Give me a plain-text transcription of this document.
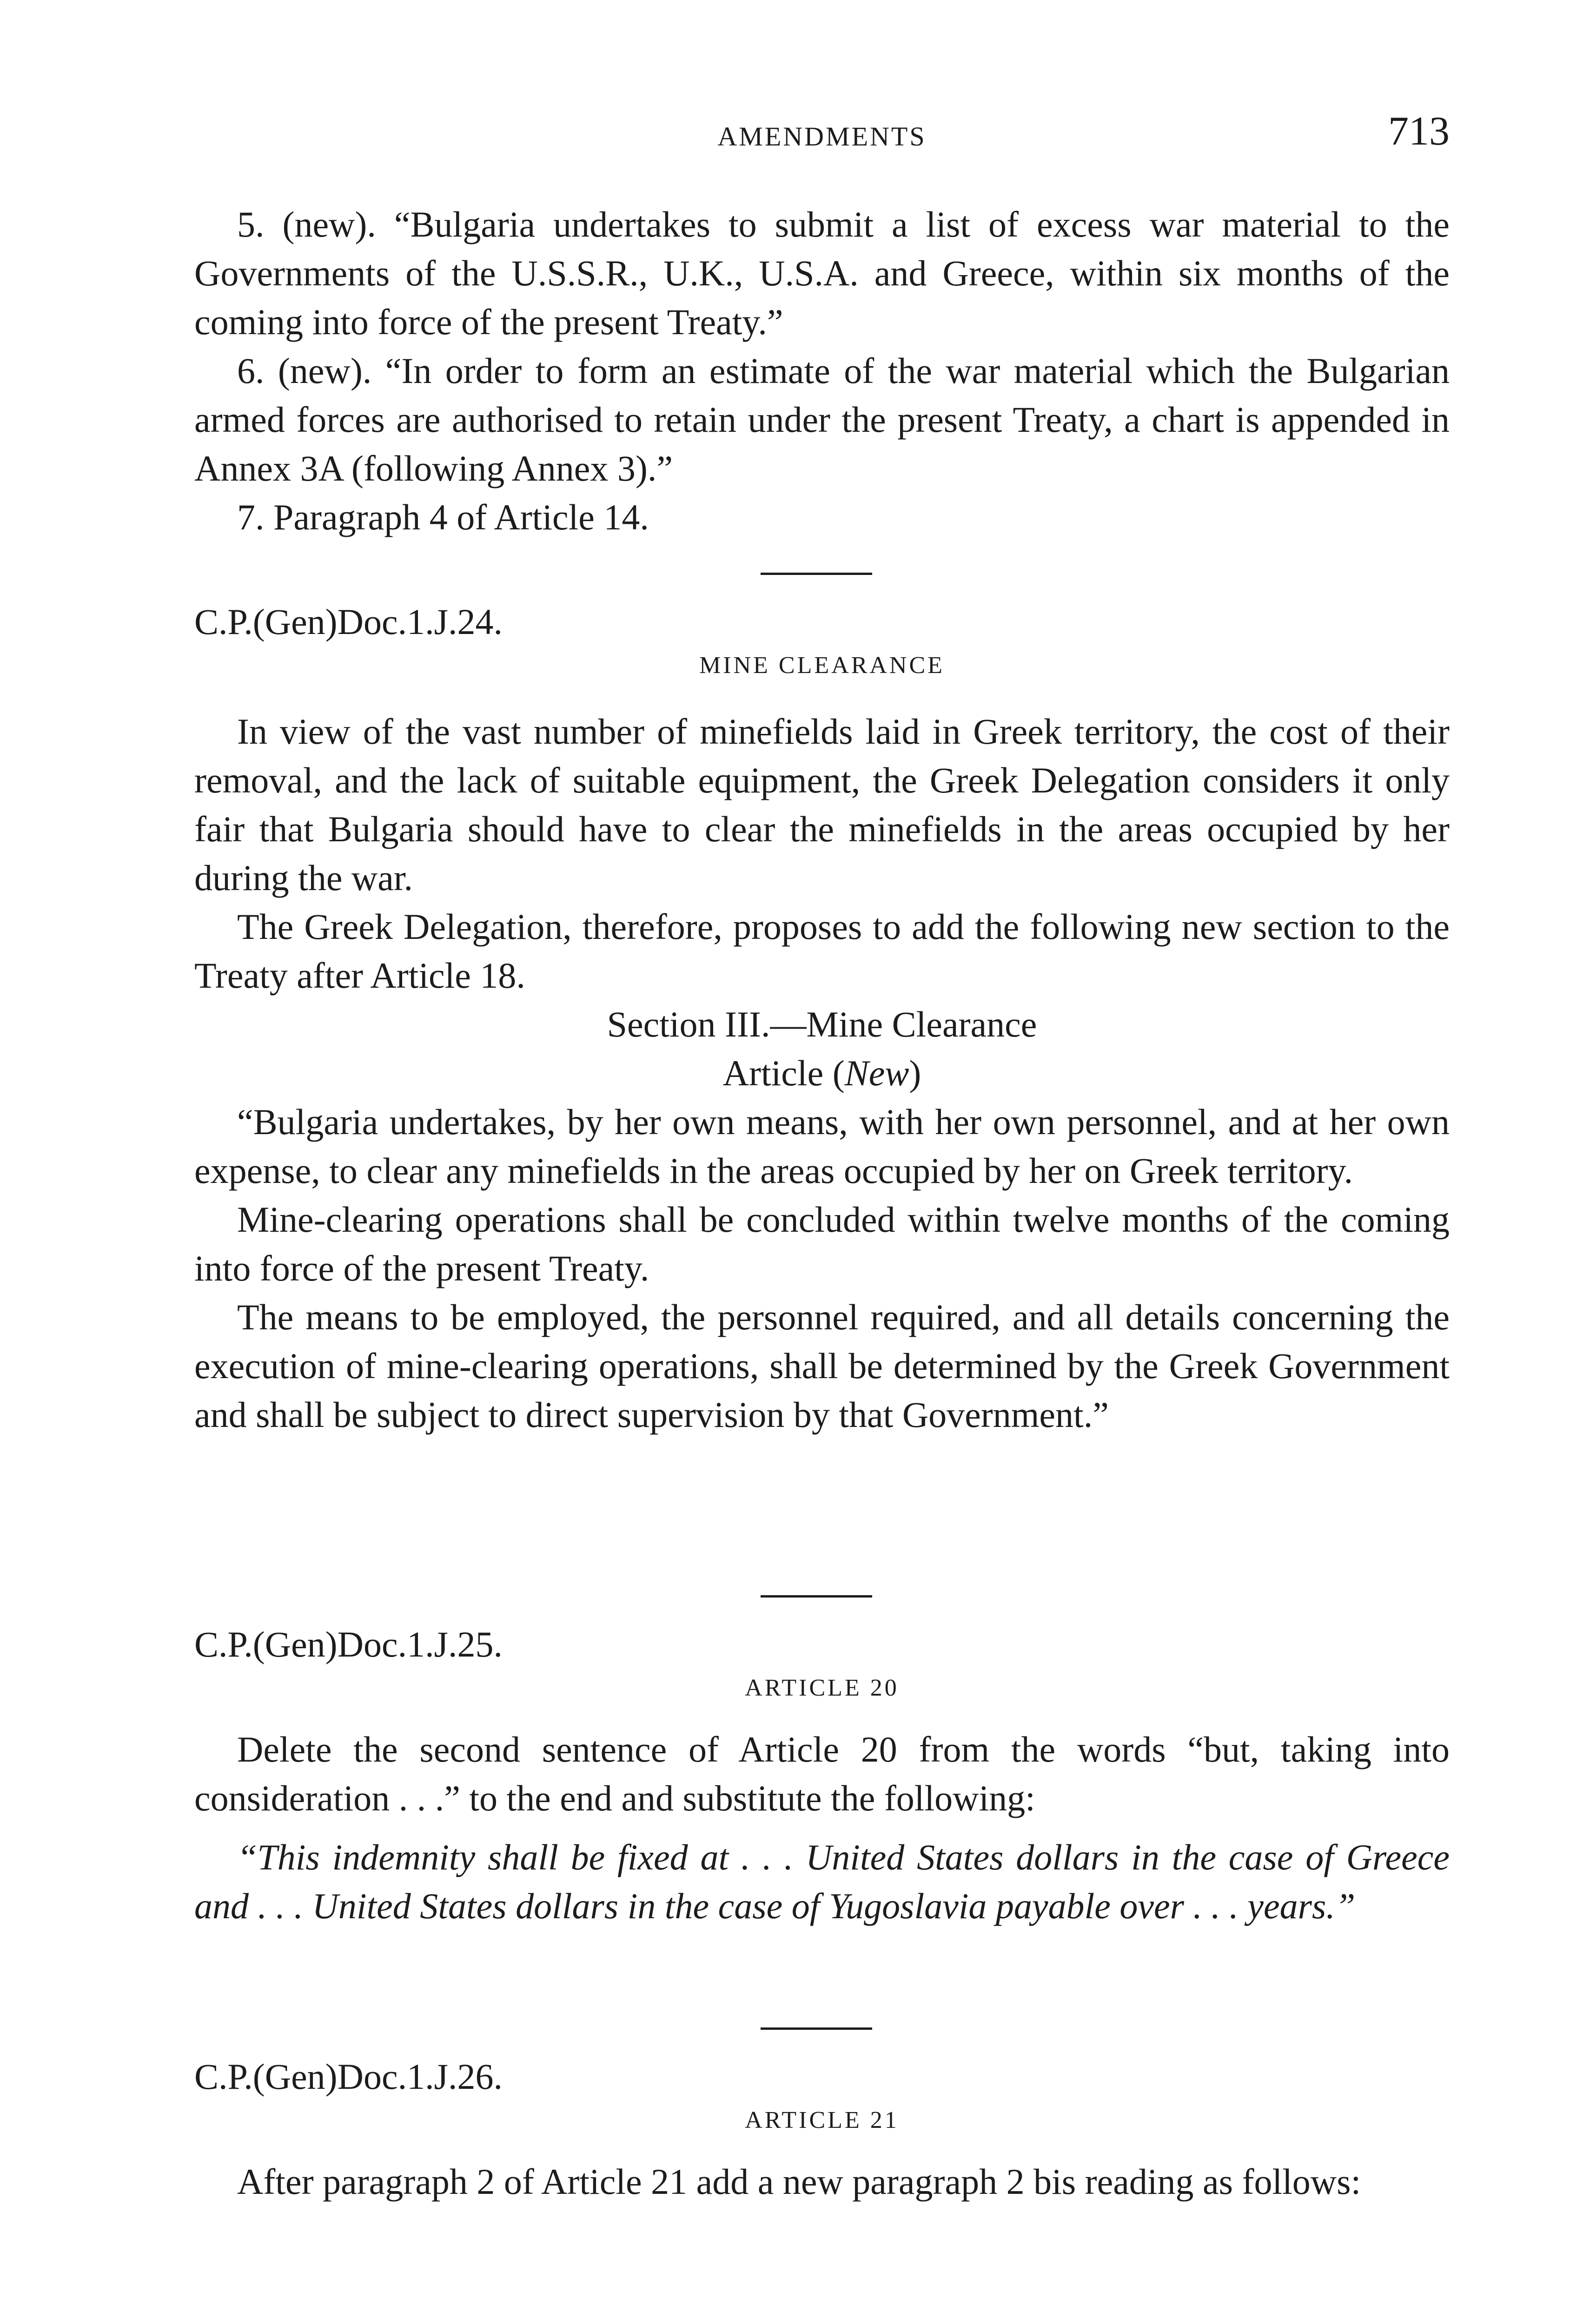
AMENDMENTS	713

5. (new). “Bulgaria undertakes to submit a list of excess war material to the Governments of the U.S.S.R., U.K., U.S.A. and Greece, within six months of the coming into force of the present Treaty.”

6. (new). “In order to form an estimate of the war material which the Bulgarian armed forces are authorised to retain under the present Treaty, a chart is appended in Annex 3A (following Annex 3).”

7. Paragraph 4 of Article 14.

C.P.(Gen)Doc.1.J.24.

MINE CLEARANCE

In view of the vast number of minefields laid in Greek territory, the cost of their removal, and the lack of suitable equipment, the Greek Delegation considers it only fair that Bulgaria should have to clear the minefields in the areas occupied by her during the war.

The Greek Delegation, therefore, proposes to add the following new section to the Treaty after Article 18.

Section III.—Mine Clearance

Article (New)

“Bulgaria undertakes, by her own means, with her own personnel, and at her own expense, to clear any minefields in the areas occupied by her on Greek territory.

Mine-clearing operations shall be concluded within twelve months of the coming into force of the present Treaty.

The means to be employed, the personnel required, and all details concerning the execution of mine-clearing operations, shall be determined by the Greek Government and shall be subject to direct supervision by that Government.”

C.P.(Gen)Doc.1.J.25.

ARTICLE 20

Delete the second sentence of Article 20 from the words “but, taking into consideration . . .” to the end and substitute the following:

“This indemnity shall be fixed at . . . United States dollars in the case of Greece and . . . United States dollars in the case of Yugoslavia payable over . . . years.”

C.P.(Gen)Doc.1.J.26.

ARTICLE 21

After paragraph 2 of Article 21 add a new paragraph 2 bis reading as follows:
